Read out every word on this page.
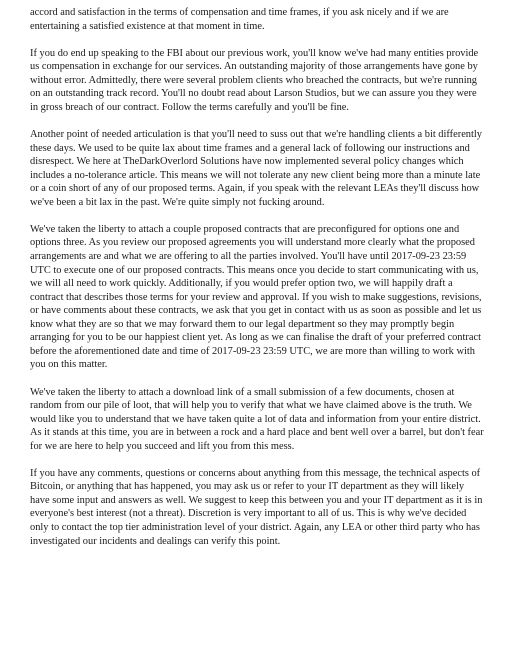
accord and satisfaction in the terms of compensation and time frames, if you ask nicely and if we are entertaining a satisfied existence at that moment in time.

If you do end up speaking to the FBI about our previous work, you'll know we've had many entities provide us compensation in exchange for our services. An outstanding majority of those arrangements have gone by without error. Admittedly, there were several problem clients who breached the contracts, but we're running on an outstanding track record. You'll no doubt read about Larson Studios, but we can assure you they were in gross breach of our contract. Follow the terms carefully and you'll be fine.

Another point of needed articulation is that you'll need to suss out that we're handling clients a bit differently these days. We used to be quite lax about time frames and a general lack of following our instructions and disrespect. We here at TheDarkOverlord Solutions have now implemented several policy changes which includes a no-tolerance article. This means we will not tolerate any new client being more than a minute late or a coin short of any of our proposed terms. Again, if you speak with the relevant LEAs they'll discuss how we've been a bit lax in the past. We're quite simply not fucking around.

We've taken the liberty to attach a couple proposed contracts that are preconfigured for options one and options three. As you review our proposed agreements you will understand more clearly what the proposed arrangements are and what we are offering to all the parties involved. You'll have until 2017-09-23 23:59 UTC to execute one of our proposed contracts. This means once you decide to start communicating with us, we will all need to work quickly. Additionally, if you would prefer option two, we will happily draft a contract that describes those terms for your review and approval. If you wish to make suggestions, revisions, or have comments about these contracts, we ask that you get in contact with us as soon as possible and let us know what they are so that we may forward them to our legal department so they may promptly begin arranging for you to be our happiest client yet. As long as we can finalise the draft of your preferred contract before the aforementioned date and time of 2017-09-23 23:59 UTC, we are more than willing to work with you on this matter.

We've taken the liberty to attach a download link of a small submission of a few documents, chosen at random from our pile of loot, that will help you to verify that what we have claimed above is the truth. We would like you to understand that we have taken quite a lot of data and information from your entire district. As it stands at this time, you are in between a rock and a hard place and bent well over a barrel, but don't fear for we are here to help you succeed and lift you from this mess.

If you have any comments, questions or concerns about anything from this message, the technical aspects of Bitcoin, or anything that has happened, you may ask us or refer to your IT department as they will likely have some input and answers as well. We suggest to keep this between you and your IT department as it is in everyone's best interest (not a threat). Discretion is very important to all of us. This is why we've decided only to contact the top tier administration level of your district. Again, any LEA or other third party who has investigated our incidents and dealings can verify this point.
